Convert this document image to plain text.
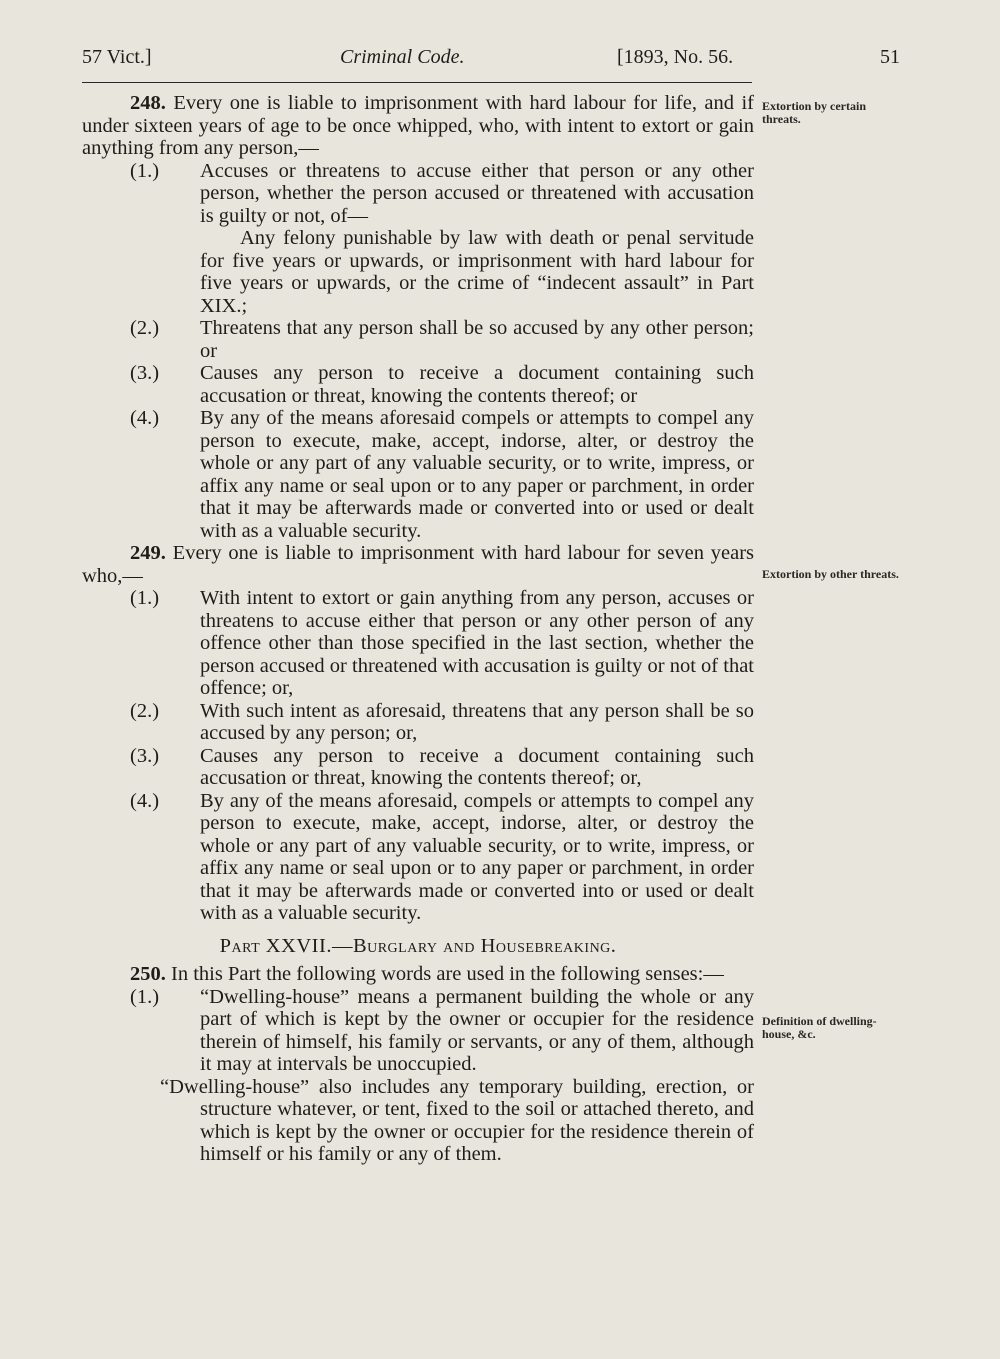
57 Vict.]	Criminal Code.	[1893, No. 56.	51

248. Every one is liable to imprisonment with hard labour for life, and if under sixteen years of age to be once whipped, who, with intent to extort or gain anything from any person,—

(1.) Accuses or threatens to accuse either that person or any other person, whether the person accused or threatened with accusation is guilty or not, of—

Any felony punishable by law with death or penal servitude for five years or upwards, or imprisonment with hard labour for five years or upwards, or the crime of “indecent assault” in Part XIX.;

(2.) Threatens that any person shall be so accused by any other person; or

(3.) Causes any person to receive a document containing such accusation or threat, knowing the contents thereof; or

(4.) By any of the means aforesaid compels or attempts to compel any person to execute, make, accept, indorse, alter, or destroy the whole or any part of any valuable security, or to write, impress, or affix any name or seal upon or to any paper or parchment, in order that it may be afterwards made or converted into or used or dealt with as a valuable security.

249. Every one is liable to imprisonment with hard labour for seven years who,—

(1.) With intent to extort or gain anything from any person, accuses or threatens to accuse either that person or any other person of any offence other than those specified in the last section, whether the person accused or threatened with accusation is guilty or not of that offence; or,

(2.) With such intent as aforesaid, threatens that any person shall be so accused by any person; or,

(3.) Causes any person to receive a document containing such accusation or threat, knowing the contents thereof; or,

(4.) By any of the means aforesaid, compels or attempts to compel any person to execute, make, accept, indorse, alter, or destroy the whole or any part of any valuable security, or to write, impress, or affix any name or seal upon or to any paper or parchment, in order that it may be afterwards made or converted into or used or dealt with as a valuable security.

Part XXVII.—Burglary and Housebreaking.

250. In this Part the following words are used in the following senses:—

(1.) “Dwelling-house” means a permanent building the whole or any part of which is kept by the owner or occupier for the residence therein of himself, his family or servants, or any of them, although it may at intervals be unoccupied.

“Dwelling-house” also includes any temporary building, erection, or structure whatever, or tent, fixed to the soil or attached thereto, and which is kept by the owner or occupier for the residence therein of himself or his family or any of them.

Extortion by certain threats.
Extortion by other threats.
Definition of dwelling-house, &c.
